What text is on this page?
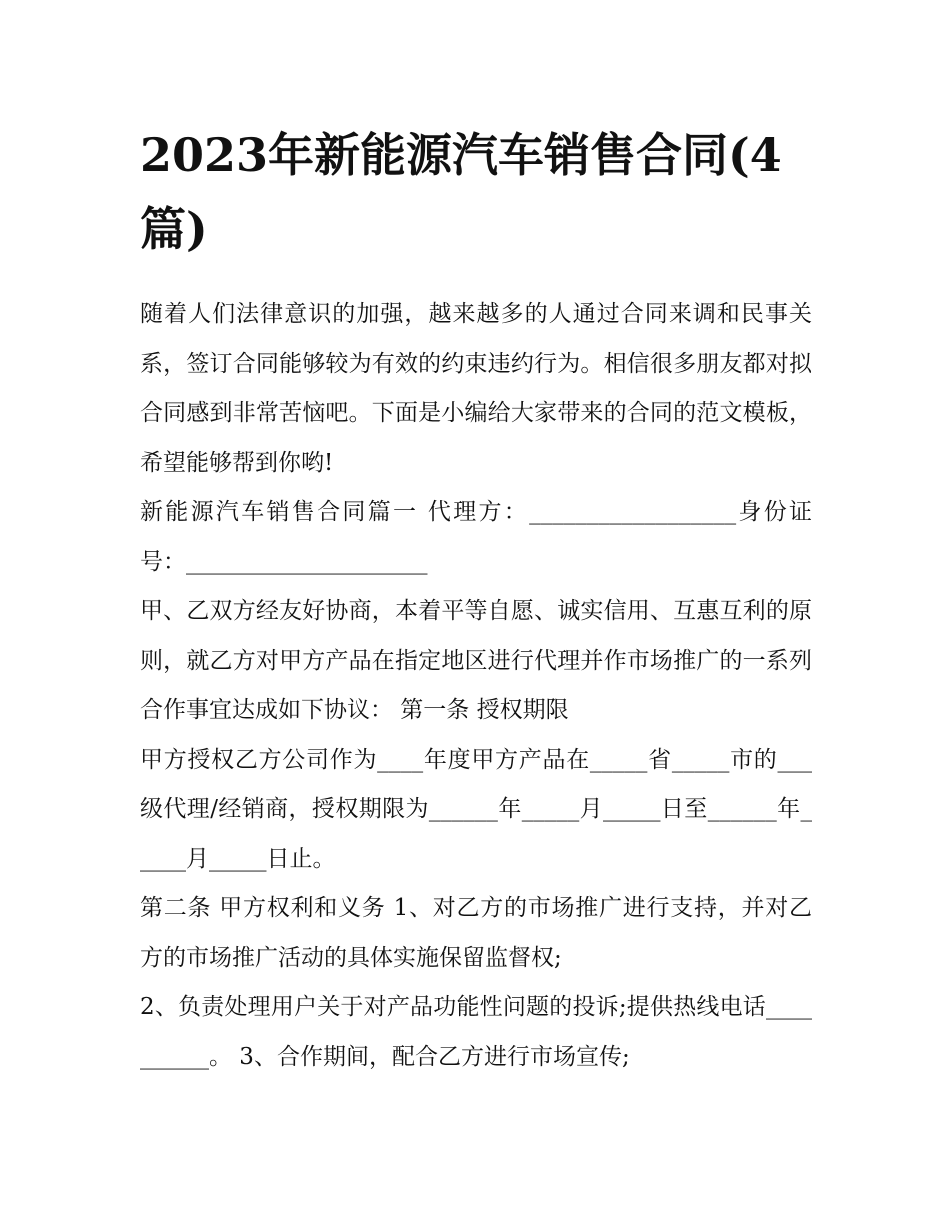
2023年新能源汽车销售合同(4篇)

随着人们法律意识的加强，越来越多的人通过合同来调和民事关系，签订合同能够较为有效的约束违约行为。相信很多朋友都对拟合同感到非常苦恼吧。下面是小编给大家带来的合同的范文模板，希望能够帮到你哟!

新能源汽车销售合同篇一 代理方：__________________身份证号：_____________________

甲、乙双方经友好协商，本着平等自愿、诚实信用、互惠互利的原则，就乙方对甲方产品在指定地区进行代理并作市场推广的一系列合作事宜达成如下协议： 第一条 授权期限

甲方授权乙方公司作为____年度甲方产品在_____省_____市的___级代理/经销商，授权期限为______年_____月_____日至______年_____月_____日止。

第二条 甲方权利和义务 1、对乙方的市场推广进行支持，并对乙方的市场推广活动的具体实施保留监督权;

2、负责处理用户关于对产品功能性问题的投诉;提供热线电话__________。 3、合作期间，配合乙方进行市场宣传;
